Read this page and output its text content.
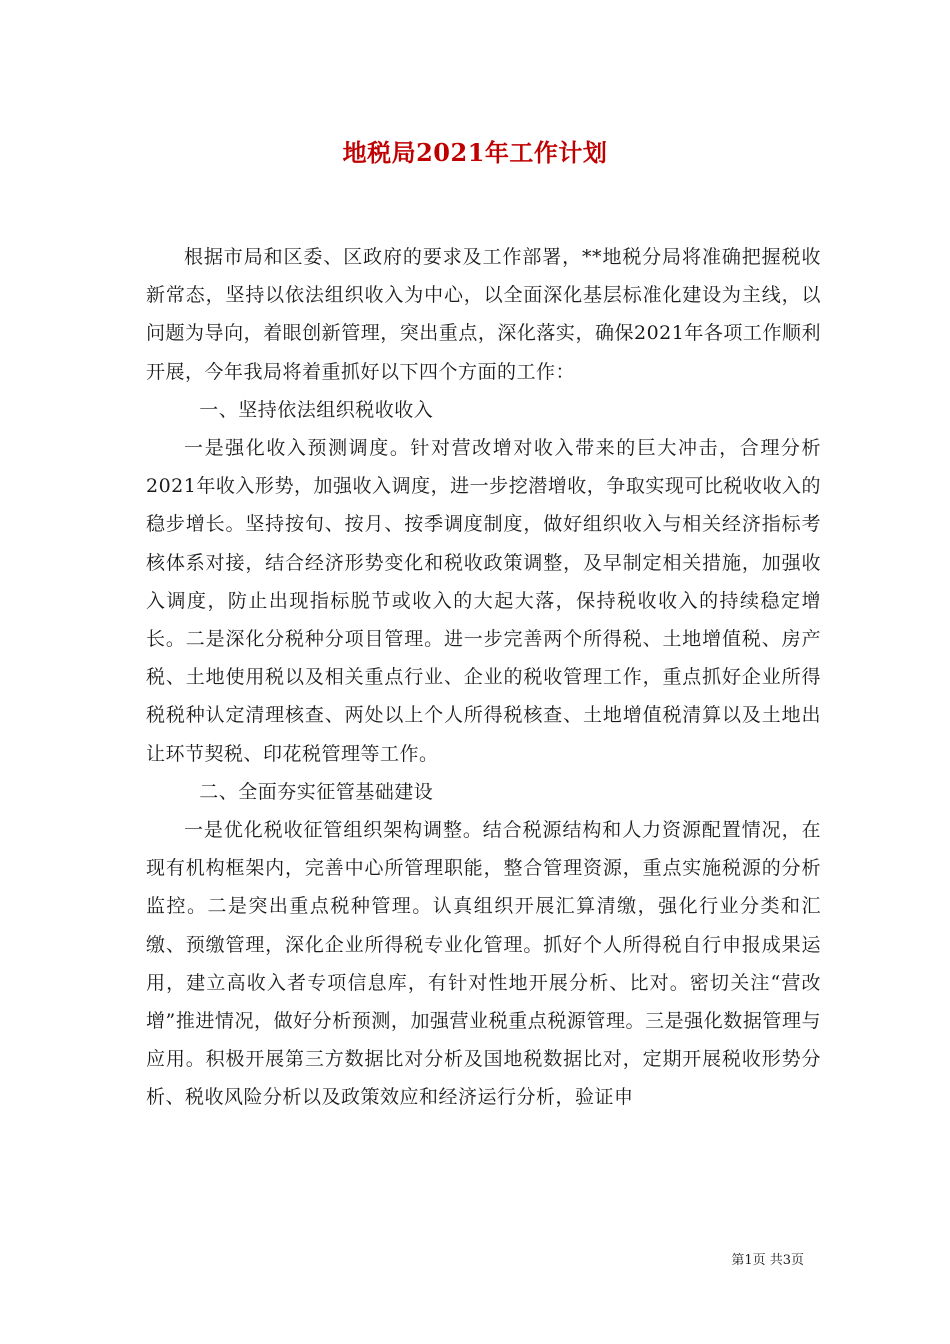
地税局2021年工作计划

根据市局和区委、区政府的要求及工作部署，**地税分局将准确把握税收新常态，坚持以依法组织收入为中心，以全面深化基层标准化建设为主线，以问题为导向，着眼创新管理，突出重点，深化落实，确保2021年各项工作顺利开展，今年我局将着重抓好以下四个方面的工作：

一、坚持依法组织税收收入

一是强化收入预测调度。针对营改增对收入带来的巨大冲击，合理分析2021年收入形势，加强收入调度，进一步挖潜增收，争取实现可比税收收入的稳步增长。坚持按旬、按月、按季调度制度，做好组织收入与相关经济指标考核体系对接，结合经济形势变化和税收政策调整，及早制定相关措施，加强收入调度，防止出现指标脱节或收入的大起大落，保持税收收入的持续稳定增长。二是深化分税种分项目管理。进一步完善两个所得税、土地增值税、房产税、土地使用税以及相关重点行业、企业的税收管理工作，重点抓好企业所得税税种认定清理核查、两处以上个人所得税核查、土地增值税清算以及土地出让环节契税、印花税管理等工作。

二、全面夯实征管基础建设

一是优化税收征管组织架构调整。结合税源结构和人力资源配置情况，在现有机构框架内，完善中心所管理职能，整合管理资源，重点实施税源的分析监控。二是突出重点税种管理。认真组织开展汇算清缴，强化行业分类和汇缴、预缴管理，深化企业所得税专业化管理。抓好个人所得税自行申报成果运用，建立高收入者专项信息库，有针对性地开展分析、比对。密切关注“营改增”推进情况，做好分析预测，加强营业税重点税源管理。三是强化数据管理与应用。积极开展第三方数据比对分析及国地税数据比对，定期开展税收形势分析、税收风险分析以及政策效应和经济运行分析，验证申

第1页 共3页
